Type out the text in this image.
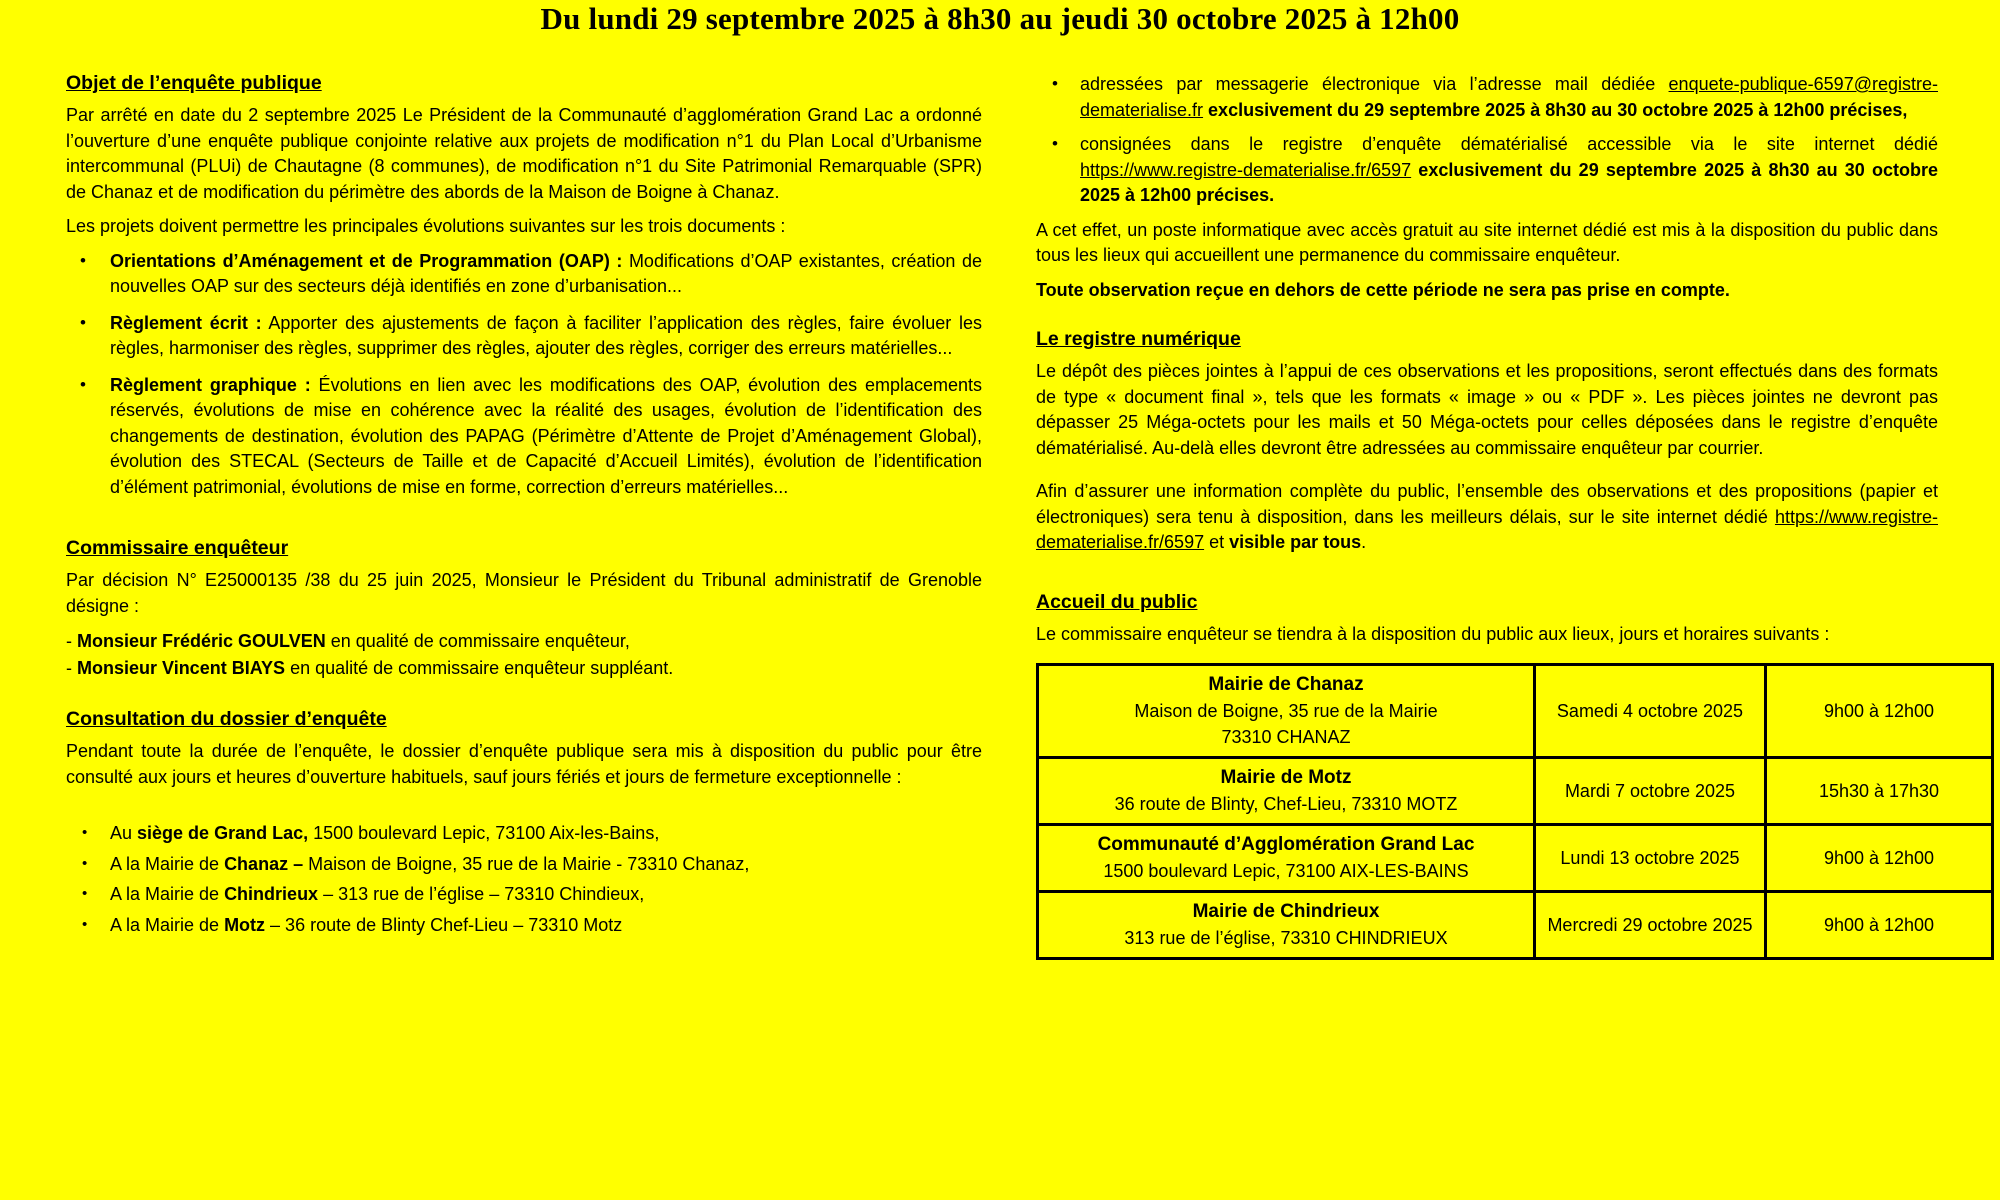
Du lundi 29 septembre 2025 à 8h30 au jeudi 30 octobre 2025 à 12h00
Objet de l’enquête publique

Par arrêté en date du 2 septembre 2025 Le Président de la Communauté d’agglomération Grand Lac a ordonné l’ouverture d’une enquête publique conjointe relative aux projets de modification n°1 du Plan Local d’Urbanisme intercommunal (PLUi) de Chautagne (8 communes), de modification n°1 du Site Patrimonial Remarquable (SPR) de Chanaz et de modification du périmètre des abords de la Maison de Boigne à Chanaz.

Les projets doivent permettre les principales évolutions suivantes sur les trois documents :

• Orientations d’Aménagement et de Programmation (OAP) : Modifications d’OAP existantes, création de nouvelles OAP sur des secteurs déjà identifiés en zone d’urbanisation...
• Règlement écrit : Apporter des ajustements de façon à faciliter l’application des règles, faire évoluer les règles, harmoniser des règles, supprimer des règles, ajouter des règles, corriger des erreurs matérielles...
• Règlement graphique : Évolutions en lien avec les modifications des OAP, évolution des emplacements réservés, évolutions de mise en cohérence avec la réalité des usages, évolution de l’identification des changements de destination, évolution des PAPAG (Périmètre d’Attente de Projet d’Aménagement Global), évolution des STECAL (Secteurs de Taille et de Capacité d’Accueil Limités), évolution de l’identification d’élément patrimonial, évolutions de mise en forme, correction d’erreurs matérielles...
Commissaire enquêteur

Par décision N° E25000135 /38 du 25 juin 2025, Monsieur le Président du Tribunal administratif de Grenoble désigne :

- Monsieur Frédéric GOULVEN en qualité de commissaire enquêteur,

- Monsieur Vincent BIAYS en qualité de commissaire enquêteur suppléant.

Consultation du dossier d’enquête

Pendant toute la durée de l’enquête, le dossier d’enquête publique sera mis à disposition du public pour être consulté aux jours et heures d’ouverture habituels, sauf jours fériés et jours de fermeture exceptionnelle :

• Au siège de Grand Lac, 1500 boulevard Lepic, 73100 Aix-les-Bains,
• A la Mairie de Chanaz – Maison de Boigne, 35 rue de la Mairie - 73310 Chanaz,
• A la Mairie de Chindrieux – 313 rue de l’église – 73310 Chindieux,
• A la Mairie de Motz – 36 route de Blinty Chef-Lieu – 73310 Motz
• adressées par messagerie électronique via l’adresse mail dédiée enquete-publique-6597@registre-dematerialise.fr exclusivement du 29 septembre 2025 à 8h30 au 30 octobre 2025 à 12h00 précises,
• consignées dans le registre d’enquête dématérialisé accessible via le site internet dédié https://www.registre-dematerialise.fr/6597 exclusivement du 29 septembre 2025 à 8h30 au 30 octobre 2025 à 12h00 précises.

A cet effet, un poste informatique avec accès gratuit au site internet dédié est mis à la disposition du public dans tous les lieux qui accueillent une permanence du commissaire enquêteur.

Toute observation reçue en dehors de cette période ne sera pas prise en compte.

Le registre numérique

Le dépôt des pièces jointes à l’appui de ces observations et les propositions, seront effectués dans des formats de type « document final », tels que les formats « image » ou « PDF ». Les pièces jointes ne devront pas dépasser 25 Méga-octets pour les mails et 50 Méga-octets pour celles déposées dans le registre d’enquête dématérialisé. Au-delà elles devront être adressées au commissaire enquêteur par courrier.

Afin d’assurer une information complète du public, l’ensemble des observations et des propositions (papier et électroniques) sera tenu à disposition, dans les meilleurs délais, sur le site internet dédié https://www.registre-dematerialise.fr/6597 et visible par tous.

Accueil du public

Le commissaire enquêteur se tiendra à la disposition du public aux lieux, jours et horaires suivants :

Mairie de Chanaz
Maison de Boigne, 35 rue de la Mairie
73310 CHANAZ	Samedi 4 octobre 2025	9h00 à 12h00

Mairie de Motz
36 route de Blinty, Chef-Lieu, 73310 MOTZ	Mardi 7 octobre 2025	15h30 à 17h30

Communauté d’Agglomération Grand Lac
1500 boulevard Lepic, 73100 AIX-LES-BAINS	Lundi 13 octobre 2025	9h00 à 12h00

Mairie de Chindrieux
313 rue de l’église, 73310 CHINDRIEUX	Mercredi 29 octobre 2025	9h00 à 12h00
